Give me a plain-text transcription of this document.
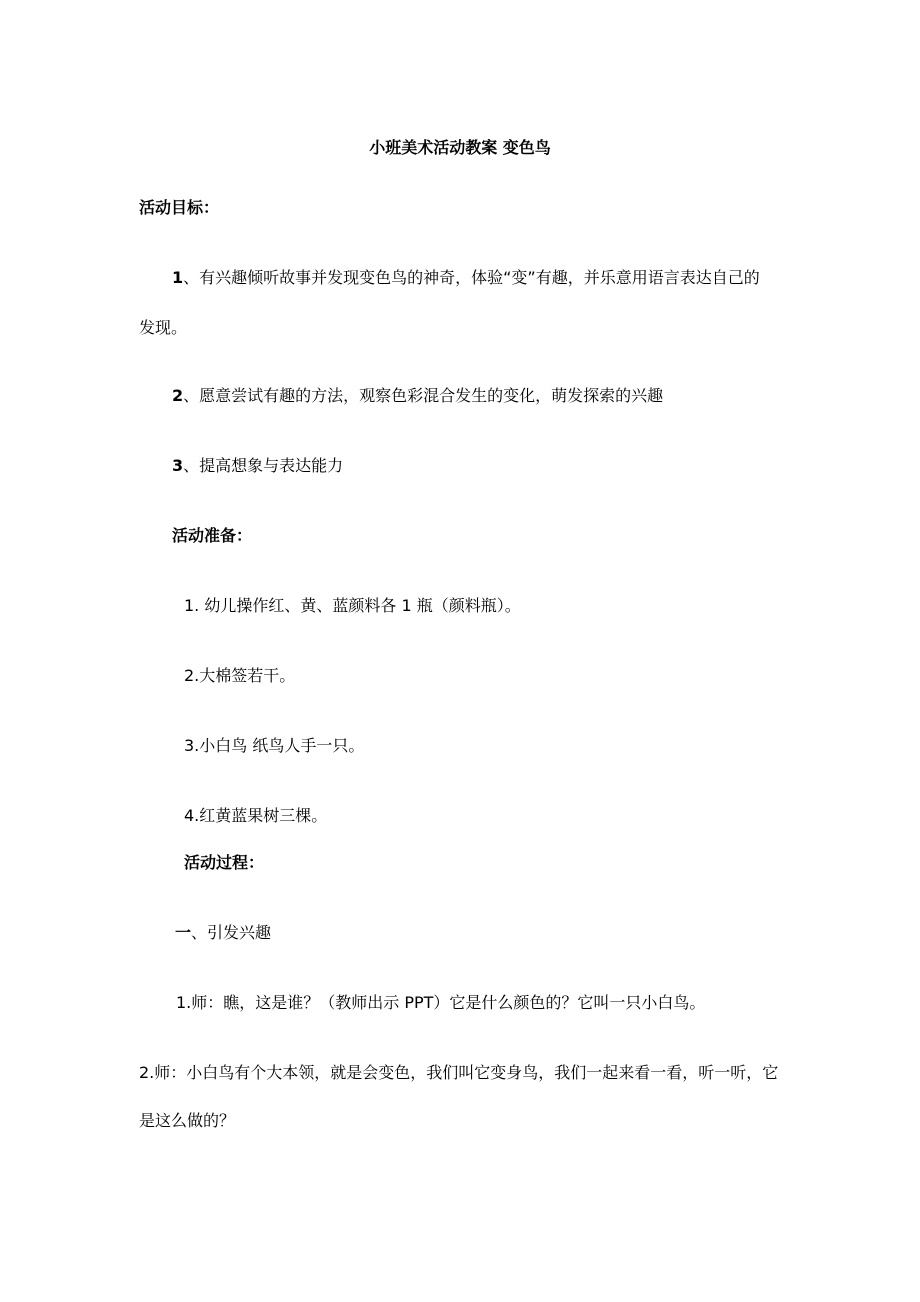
小班美术活动教案 变色鸟
活动目标：
1、有兴趣倾听故事并发现变色鸟的神奇，体验“变”有趣，并乐意用语言表达自己的
发现。
2、愿意尝试有趣的方法，观察色彩混合发生的变化，萌发探索的兴趣
3、提高想象与表达能力
活动准备：
1. 幼儿操作红、黄、蓝颜料各 1 瓶（颜料瓶）。
2.大棉签若干。
3.小白鸟 纸鸟人手一只。
4.红黄蓝果树三棵。
活动过程：
一、引发兴趣
1.师：瞧，这是谁？（教师出示 PPT）它是什么颜色的？它叫一只小白鸟。
2.师：小白鸟有个大本领，就是会变色，我们叫它变身鸟，我们一起来看一看，听一听，它
是这么做的？
